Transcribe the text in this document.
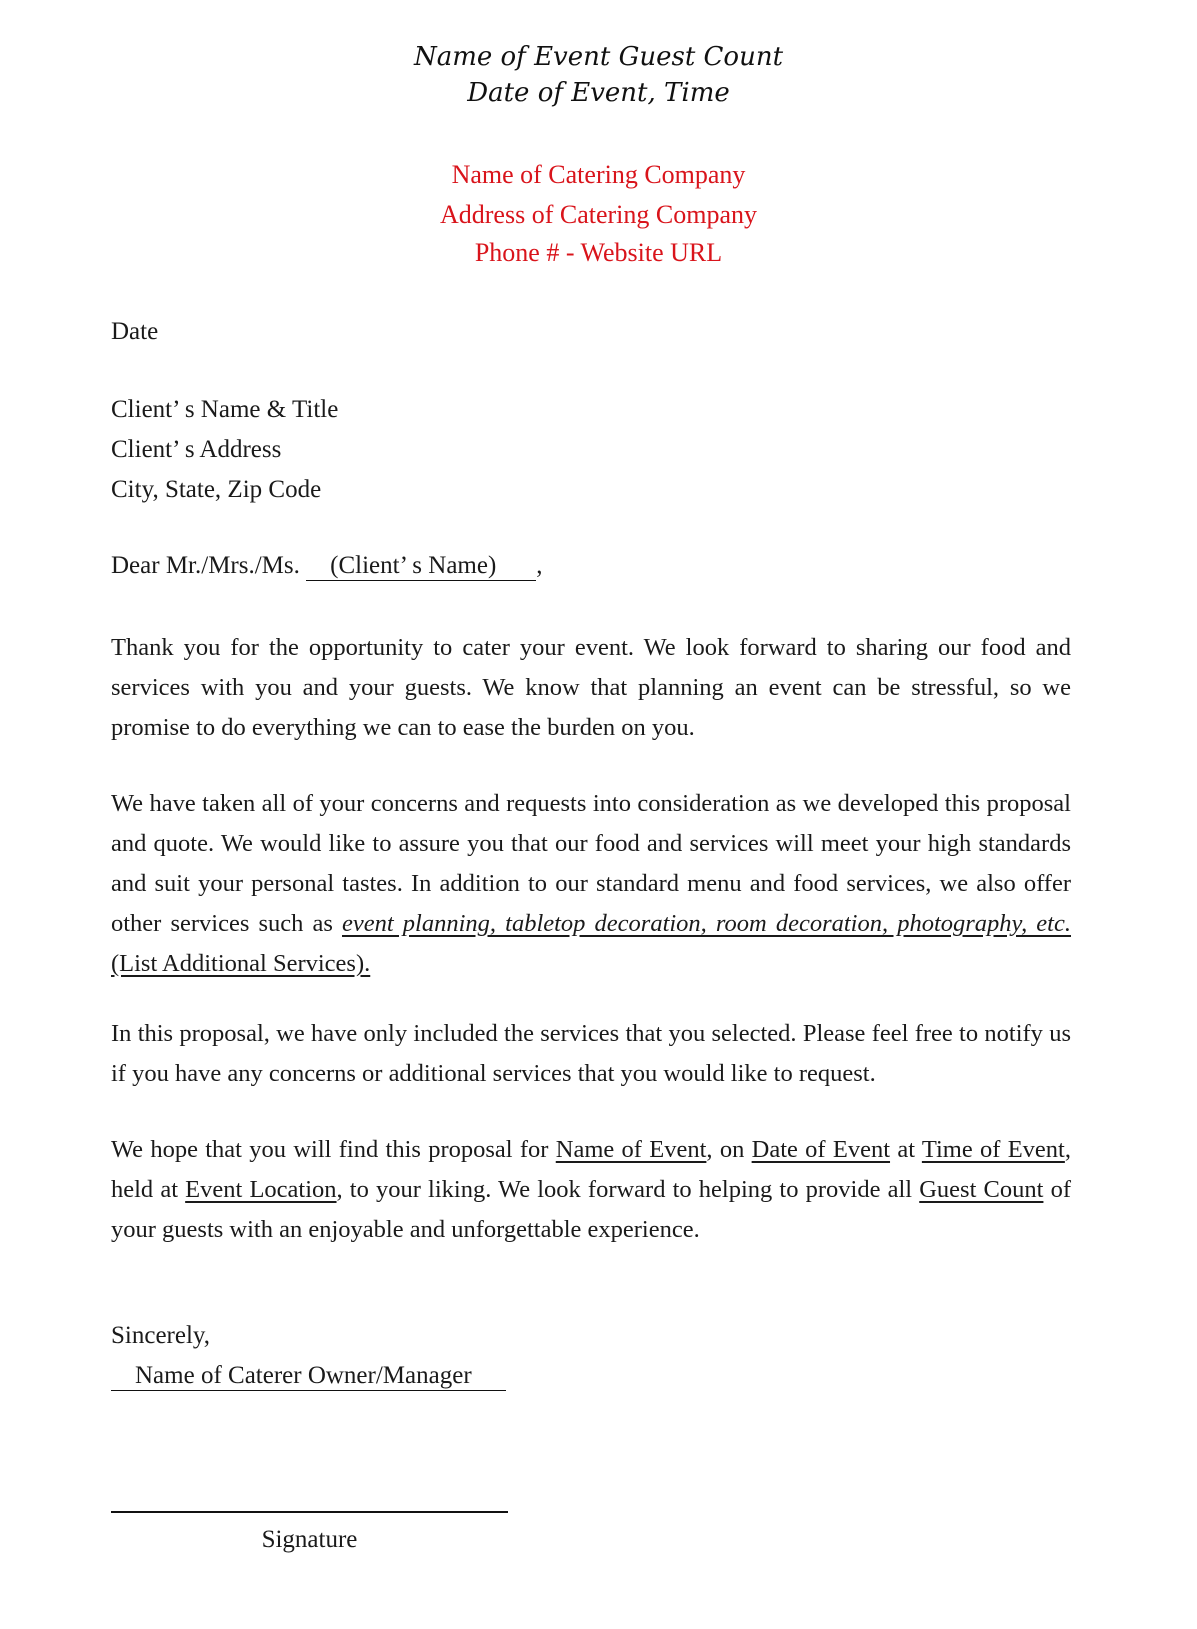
Name of Event Guest Count
Date of Event, Time
Name of Catering Company
Address of Catering Company
Phone # - Website URL
Date
Client’ s Name & Title
Client’ s Address
City, State, Zip Code
Dear Mr./Mrs./Ms. (Client’ s Name) ,

Thank you for the opportunity to cater your event. We look forward to sharing our food and services with you and your guests. We know that planning an event can be stressful, so we promise to do everything we can to ease the burden on you.

We have taken all of your concerns and requests into consideration as we developed this proposal and quote. We would like to assure you that our food and services will meet your high standards and suit your personal tastes. In addition to our standard menu and food services, we also offer other services such as event planning, tabletop decoration, room decoration, photography, etc. (List Additional Services).

In this proposal, we have only included the services that you selected. Please feel free to notify us if you have any concerns or additional services that you would like to request.

We hope that you will find this proposal for Name of Event, on Date of Event at Time of Event, held at Event Location, to your liking. We look forward to helping to provide all Guest Count of your guests with an enjoyable and unforgettable experience.

Sincerely,
Name of Caterer Owner/Manager
Signature
